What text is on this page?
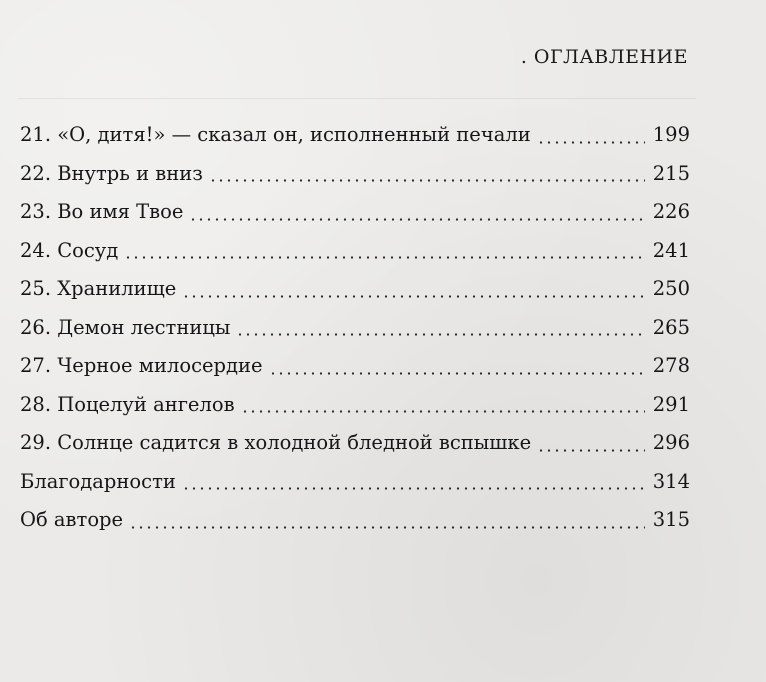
. ОГЛАВЛЕНИЕ
21. «О, дитя!» — сказал он, исполненный печали	199
22. Внутрь и вниз	215
23. Во имя Твое	226
24. Сосуд	241
25. Хранилище	250
26. Демон лестницы	265
27. Черное милосердие	278
28. Поцелуй ангелов	291
29. Солнце садится в холодной бледной вспышке	296
Благодарности	314
Об авторе	315
